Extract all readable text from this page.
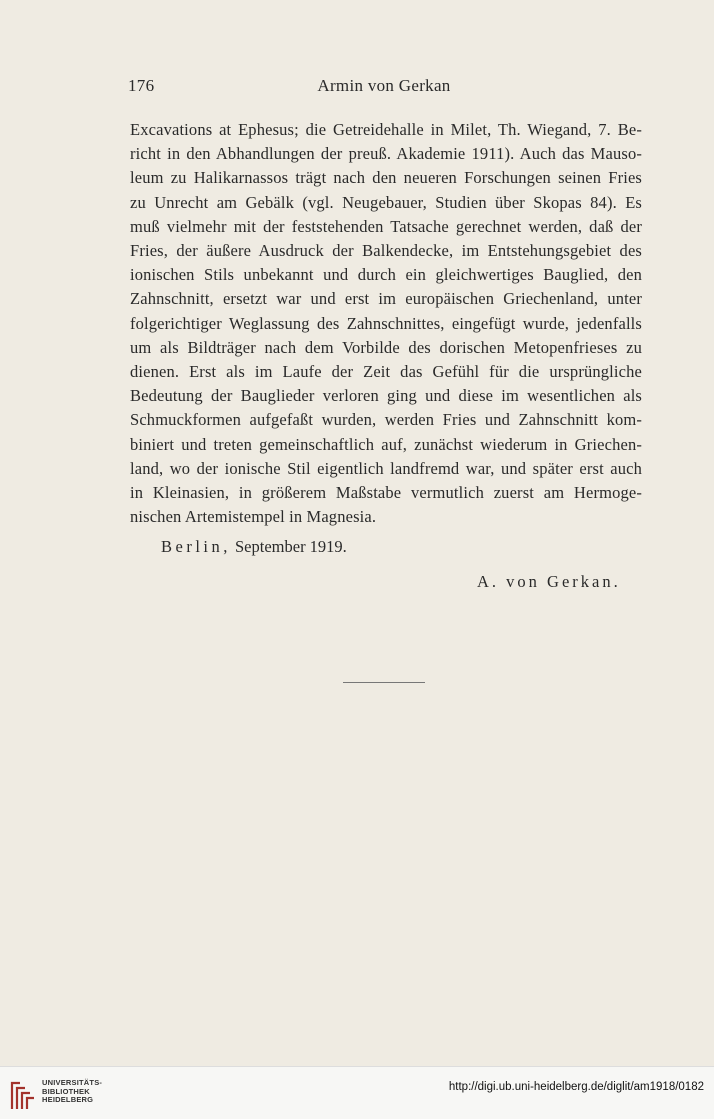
176	Armin von Gerkan
Excavations at Ephesus; die Getreidehalle in Milet, Th. Wiegand, 7. Be-
richt in den Abhandlungen der preuß. Akademie 1911). Auch das Mauso-
leum zu Halikarnassos trägt nach den neueren Forschungen seinen Fries
zu Unrecht am Gebälk (vgl. Neugebauer, Studien über Skopas 84). Es
muß vielmehr mit der feststehenden Tatsache gerechnet werden, daß der
Fries, der äußere Ausdruck der Balkendecke, im Entstehungsgebiet des
ionischen Stils unbekannt und durch ein gleichwertiges Bauglied, den
Zahnschnitt, ersetzt war und erst im europäischen Griechenland, unter
folgerichtiger Weglassung des Zahnschnittes, eingefügt wurde, jedenfalls
um als Bildträger nach dem Vorbilde des dorischen Metopenfrieses zu
dienen. Erst als im Laufe der Zeit das Gefühl für die ursprüngliche
Bedeutung der Bauglieder verloren ging und diese im wesentlichen als
Schmuckformen aufgefaßt wurden, werden Fries und Zahnschnitt kom-
biniert und treten gemeinschaftlich auf, zunächst wiederum in Griechen-
land, wo der ionische Stil eigentlich landfremd war, und später erst auch
in Kleinasien, in größerem Maßstabe vermutlich zuerst am Hermoge-
nischen Artemistempel in Magnesia.
Berlin, September 1919.
A. von Gerkan.
UNIVERSITÄTS-
BIBLIOTHEK
HEIDELBERG
http://digi.ub.uni-heidelberg.de/diglit/am1918/0182
